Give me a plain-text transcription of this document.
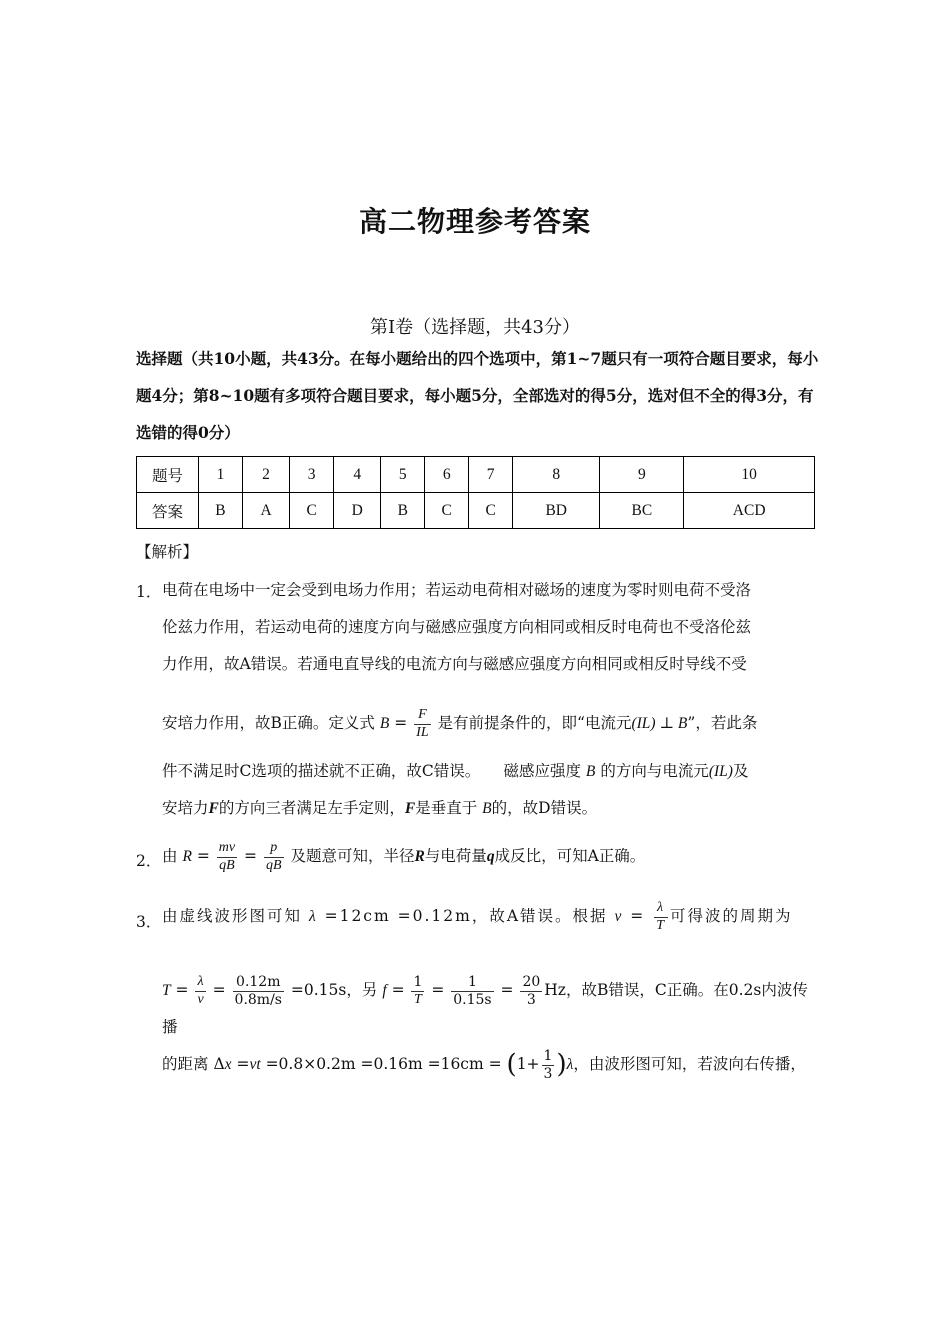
高二物理参考答案
第Ⅰ卷（选择题，共43分）
选择题（共10小题，共43分。在每小题给出的四个选项中，第1~7题只有一项符合题目要求，每小题4分；第8~10题有多项符合题目要求，每小题5分，全部选对的得5分，选对但不全的得3分，有选错的得0分）
题号	1	2	3	4	5	6	7	8	9	10
答案	B	A	C	D	B	C	C	BD	BC	ACD
【解析】
1． 电荷在电场中一定会受到电场力作用；若运动电荷相对磁场的速度为零时则电荷不受洛
伦兹力作用，若运动电荷的速度方向与磁感应强度方向相同或相反时电荷也不受洛伦兹
力作用，故A错误。若通电直导线的电流方向与磁感应强度方向相同或相反时导线不受
安培力作用，故B正确。定义式 $B = \frac{F}{IL}$ 是有前提条件的，即“电流元(IL) ⊥ B”，若此条
件不满足时C选项的描述就不正确，故C错误。　　磁感应强度 B 的方向与电流元(IL)及
安培力F的方向三者满足左手定则，F是垂直于 B的，故D错误。
2． 由 $R = \frac{mv}{qB} = \frac{p}{qB}$ 及题意可知，半径R与电荷量q成反比，可知A正确。
3． 由虚线波形图可知 λ =12cm =0.12m，故A错误。根据 $v = \frac{\lambda}{T}$ 可得波的周期为
$T = \frac{\lambda}{v} = \frac{0.12m}{0.8m/s} =0.15s$，另 $f = \frac{1}{T} = \frac{1}{0.15s} = \frac{20}{3}$ Hz，故B错误，C正确。在0.2s内波传播
的距离 $\Delta x =vt =0.8\times 0.2m =0.16m =16cm = (1+ \frac{1}{3} )\lambda$，由波形图可知，若波向右传播，
